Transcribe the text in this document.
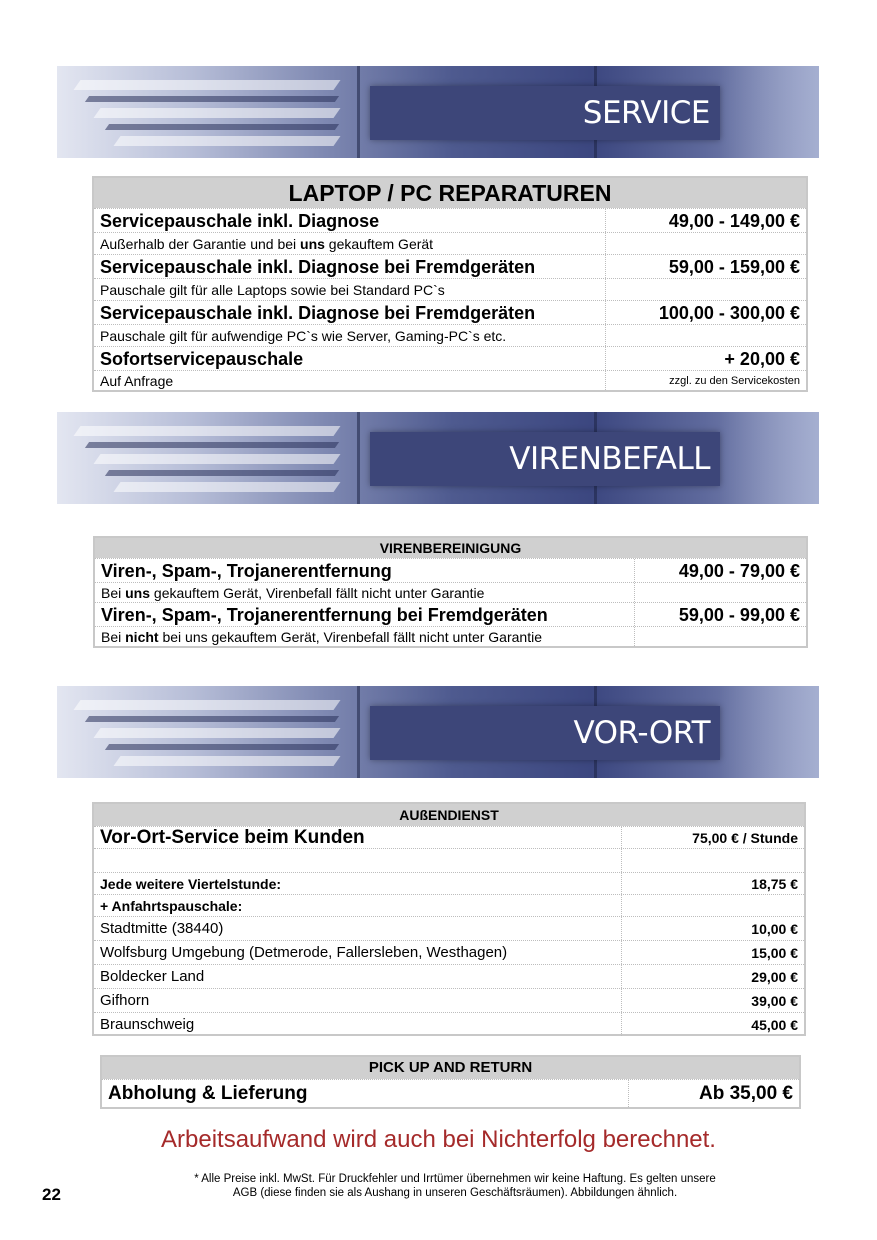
SERVICE
LAPTOP / PC REPARATUREN
Servicepauschale inkl. Diagnose	49,00 - 149,00 €
Außerhalb der Garantie und bei uns gekauftem Gerät
Servicepauschale inkl. Diagnose bei Fremdgeräten	59,00 - 159,00 €
Pauschale gilt für alle Laptops sowie bei Standard PC`s
Servicepauschale inkl. Diagnose bei Fremdgeräten	100,00 - 300,00 €
Pauschale gilt für aufwendige PC`s wie Server, Gaming-PC`s etc.
Sofortservicepauschale	+ 20,00 €
Auf Anfrage	zzgl. zu den Servicekosten
VIRENBEFALL
VIRENBEREINIGUNG
Viren-, Spam-, Trojanerentfernung	49,00 - 79,00 €
Bei uns gekauftem Gerät, Virenbefall fällt nicht unter Garantie
Viren-, Spam-, Trojanerentfernung bei Fremdgeräten	59,00 - 99,00 €
Bei nicht bei uns gekauftem Gerät, Virenbefall fällt nicht unter Garantie
VOR-ORT
AUßENDIENST
Vor-Ort-Service beim Kunden	75,00 € / Stunde
Jede weitere Viertelstunde:	18,75 €
+ Anfahrtspauschale:
Stadtmitte (38440)	10,00 €
Wolfsburg Umgebung (Detmerode, Fallersleben, Westhagen)	15,00 €
Boldecker Land	29,00 €
Gifhorn	39,00 €
Braunschweig	45,00 €
PICK UP AND RETURN
Abholung & Lieferung	Ab 35,00 €
Arbeitsaufwand wird auch bei Nichterfolg berechnet.
* Alle Preise inkl. MwSt. Für Druckfehler und Irrtümer übernehmen wir keine Haftung. Es gelten unsere
AGB (diese finden sie als Aushang in unseren Geschäftsräumen). Abbildungen ähnlich.
22
